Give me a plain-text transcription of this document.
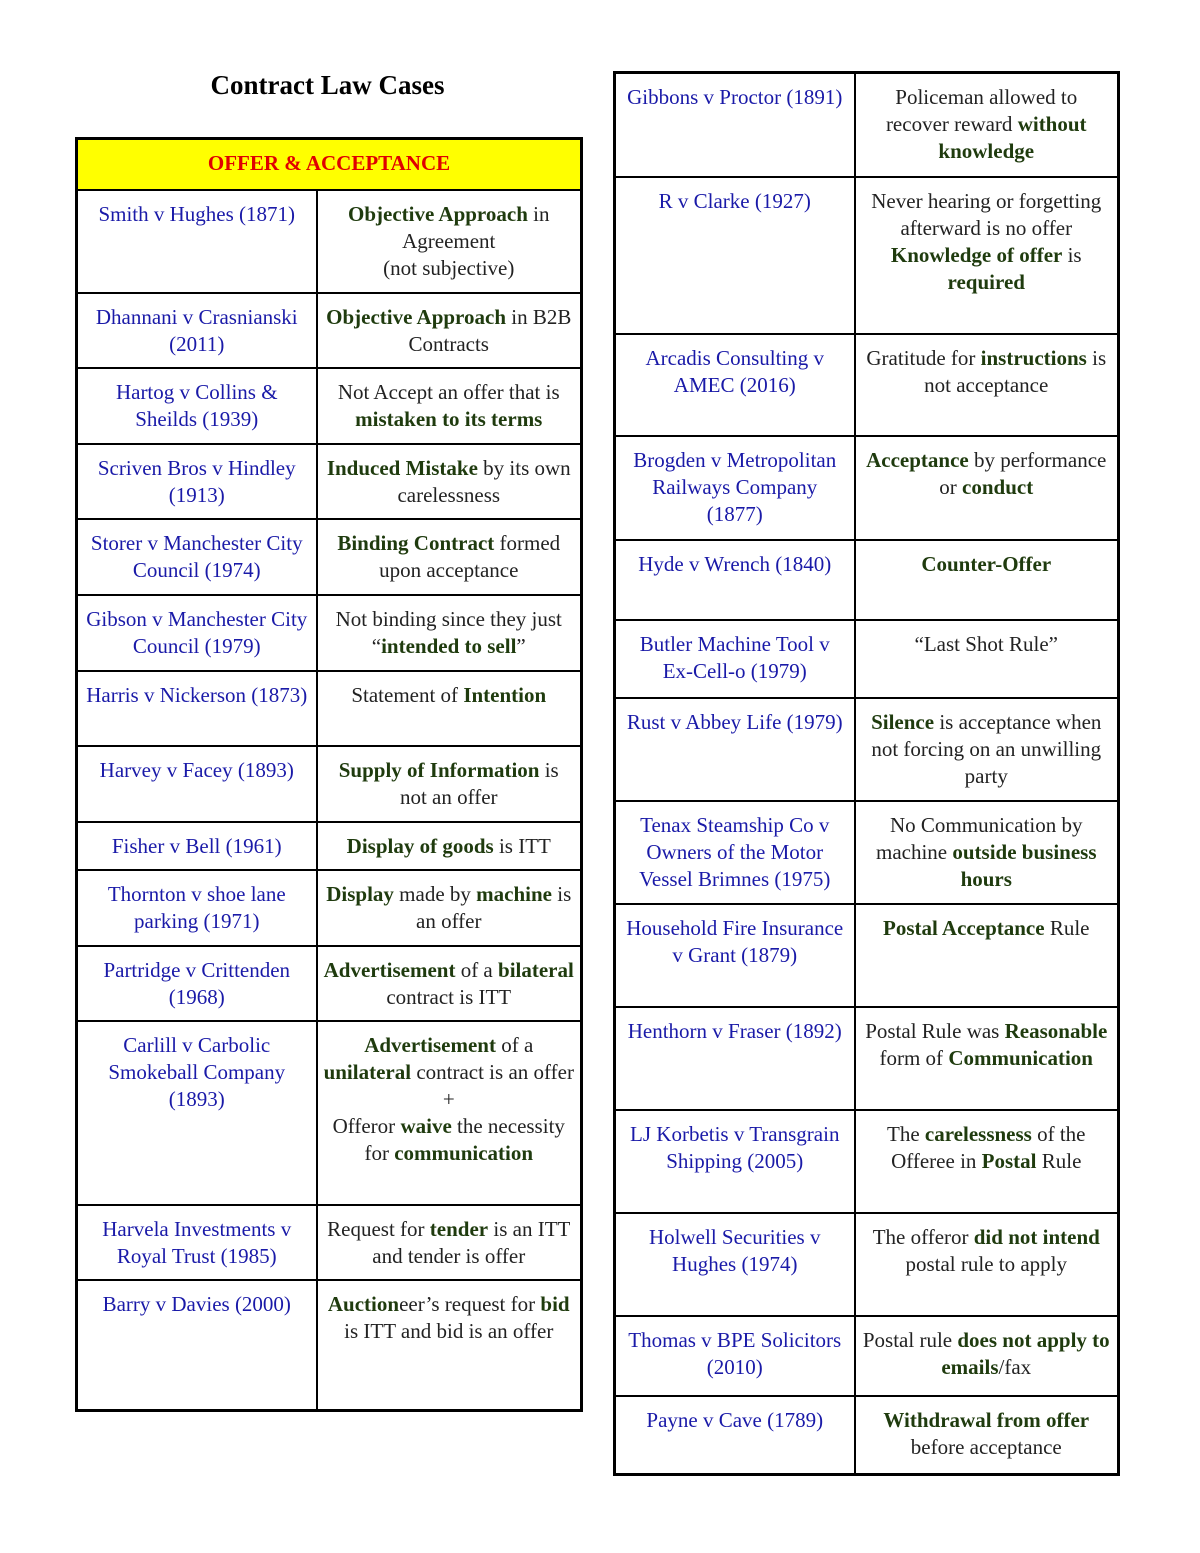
Contract Law Cases
OFFER & ACCEPTANCE	
Smith v Hughes (1871)	Objective Approach in Agreement
(not subjective)
Dhannani v Crasnianski (2011)	Objective Approach in B2B Contracts
Hartog v Collins & Sheilds (1939)	Not Accept an offer that is mistaken to its terms
Scriven Bros v Hindley (1913)	Induced Mistake by its own carelessness
Storer v Manchester City Council (1974)	Binding Contract formed upon acceptance
Gibson v Manchester City Council (1979)	Not binding since they just “intended to sell”
Harris v Nickerson (1873)	Statement of Intention
Harvey v Facey (1893)	Supply of Information is not an offer
Fisher v Bell (1961)	Display of goods is ITT
Thornton v shoe lane parking (1971)	Display made by machine is an offer
Partridge v Crittenden (1968)	Advertisement of a bilateral contract is ITT
Carlill v Carbolic Smokeball Company (1893)	Advertisement of a unilateral contract is an offer +
Offeror waive the necessity for communication
Harvela Investments v Royal Trust (1985)	Request for tender is an ITT and tender is offer
Barry v Davies (2000)	Auctioneer’s request for bid is ITT and bid is an offer
Gibbons v Proctor (1891)	Policeman allowed to recover reward without knowledge
R v Clarke (1927)	Never hearing or forgetting afterward is no offer
Knowledge of offer is required
Arcadis Consulting v AMEC (2016)	Gratitude for instructions is not acceptance
Brogden v Metropolitan Railways Company (1877)	Acceptance by performance or conduct
Hyde v Wrench (1840)	Counter-Offer
Butler Machine Tool v Ex-Cell-o (1979)	“Last Shot Rule”
Rust v Abbey Life (1979)	Silence is acceptance when not forcing on an unwilling party
Tenax Steamship Co v Owners of the Motor Vessel Brimnes (1975)	No Communication by machine outside business hours
Household Fire Insurance v Grant (1879)	Postal Acceptance Rule
Henthorn v Fraser (1892)	Postal Rule was Reasonable form of Communication
LJ Korbetis v Transgrain Shipping (2005)	The carelessness of the Offeree in Postal Rule
Holwell Securities v Hughes (1974)	The offeror did not intend postal rule to apply
Thomas v BPE Solicitors (2010)	Postal rule does not apply to emails/fax
Payne v Cave (1789)	Withdrawal from offer before acceptance
